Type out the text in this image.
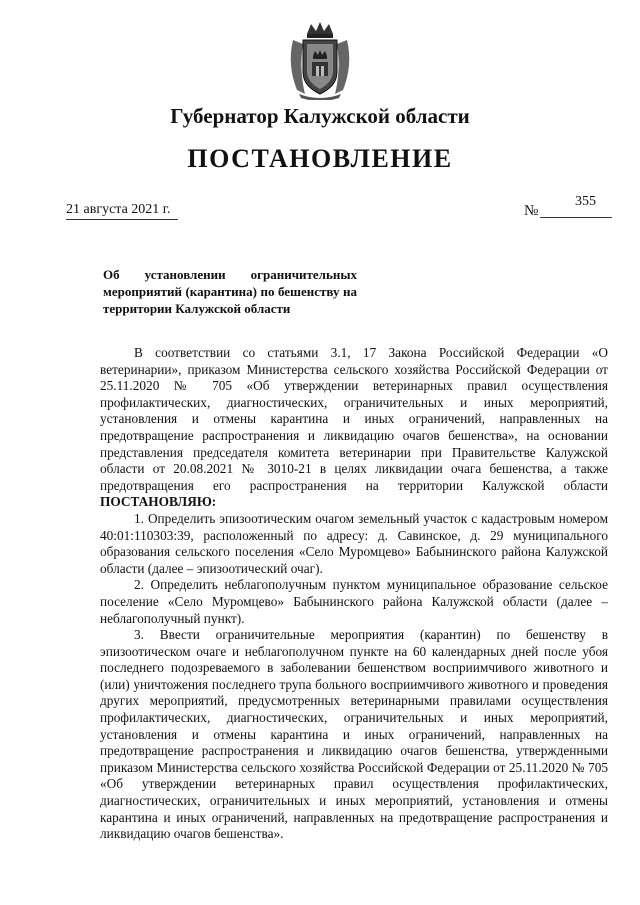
Губернатор Калужской области
ПОСТАНОВЛЕНИЕ
21 августа 2021 г.	№
355
Об установлении ограничительных мероприятий (карантина) по бешенству на территории Калужской области

В соответствии со статьями 3.1, 17 Закона Российской Федерации «О ветеринарии», приказом Министерства сельского хозяйства Российской Федерации от 25.11.2020 № 705 «Об утверждении ветеринарных правил осуществления профилактических, диагностических, ограничительных и иных мероприятий, установления и отмены карантина и иных ограничений, направленных на предотвращение распространения и ликвидацию очагов бешенства», на основании представления председателя комитета ветеринарии при Правительстве Калужской области от 20.08.2021 № 3010-21 в целях ликвидации очага бешенства, а также предотвращения его распространения на территории Калужской области ПОСТАНОВЛЯЮ:

1. Определить эпизоотическим очагом земельный участок с кадастровым номером 40:01:110303:39, расположенный по адресу: д. Савинское, д. 29 муниципального образования сельского поселения «Село Муромцево» Бабынинского района Калужской области (далее – эпизоотический очаг).

2. Определить неблагополучным пунктом муниципальное образование сельское поселение «Село Муромцево» Бабынинского района Калужской области (далее – неблагополучный пункт).

3. Ввести ограничительные мероприятия (карантин) по бешенству в эпизоотическом очаге и неблагополучном пункте на 60 календарных дней после убоя последнего подозреваемого в заболевании бешенством восприимчивого животного и (или) уничтожения последнего трупа больного восприимчивого животного и проведения других мероприятий, предусмотренных ветеринарными правилами осуществления профилактических, диагностических, ограничительных и иных мероприятий, установления и отмены карантина и иных ограничений, направленных на предотвращение распространения и ликвидацию очагов бешенства, утвержденными приказом Министерства сельского хозяйства Российской Федерации от 25.11.2020 № 705 «Об утверждении ветеринарных правил осуществления профилактических, диагностических, ограничительных и иных мероприятий, установления и отмены карантина и иных ограничений, направленных на предотвращение распространения и ликвидацию очагов бешенства».
